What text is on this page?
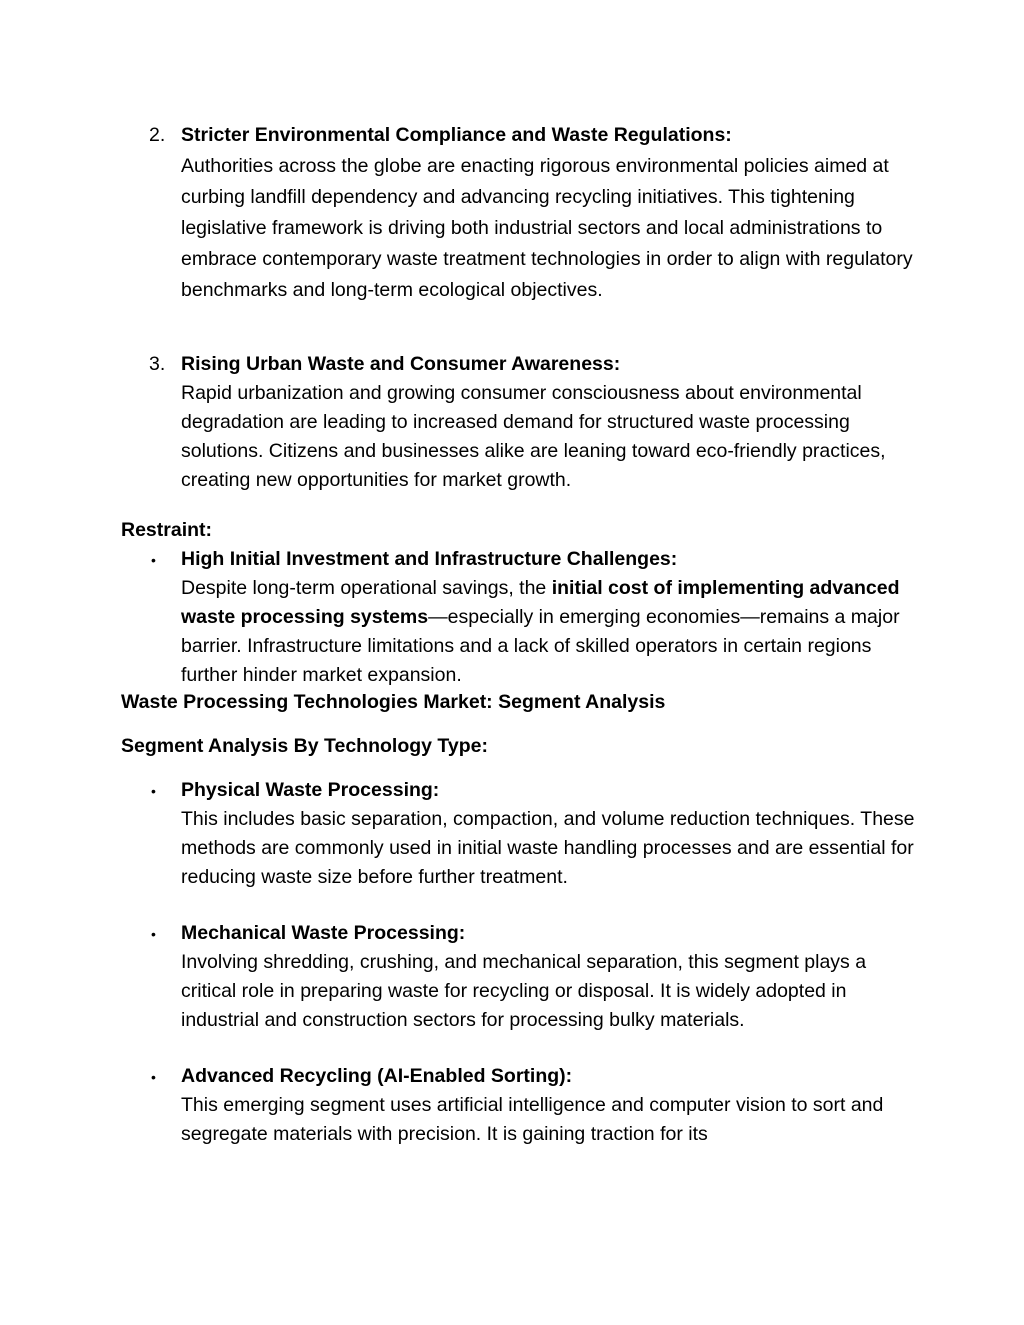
2. Stricter Environmental Compliance and Waste Regulations:
Authorities across the globe are enacting rigorous environmental policies aimed at curbing landfill dependency and advancing recycling initiatives. This tightening legislative framework is driving both industrial sectors and local administrations to embrace contemporary waste treatment technologies in order to align with regulatory benchmarks and long-term ecological objectives.
3. Rising Urban Waste and Consumer Awareness:
Rapid urbanization and growing consumer consciousness about environmental degradation are leading to increased demand for structured waste processing solutions. Citizens and businesses alike are leaning toward eco-friendly practices, creating new opportunities for market growth.
Restraint:
• High Initial Investment and Infrastructure Challenges:
Despite long-term operational savings, the initial cost of implementing advanced waste processing systems—especially in emerging economies—remains a major barrier. Infrastructure limitations and a lack of skilled operators in certain regions further hinder market expansion.
Waste Processing Technologies Market: Segment Analysis
Segment Analysis By Technology Type:
• Physical Waste Processing:
This includes basic separation, compaction, and volume reduction techniques. These methods are commonly used in initial waste handling processes and are essential for reducing waste size before further treatment.
• Mechanical Waste Processing:
Involving shredding, crushing, and mechanical separation, this segment plays a critical role in preparing waste for recycling or disposal. It is widely adopted in industrial and construction sectors for processing bulky materials.
• Advanced Recycling (AI-Enabled Sorting):
This emerging segment uses artificial intelligence and computer vision to sort and segregate materials with precision. It is gaining traction for its
